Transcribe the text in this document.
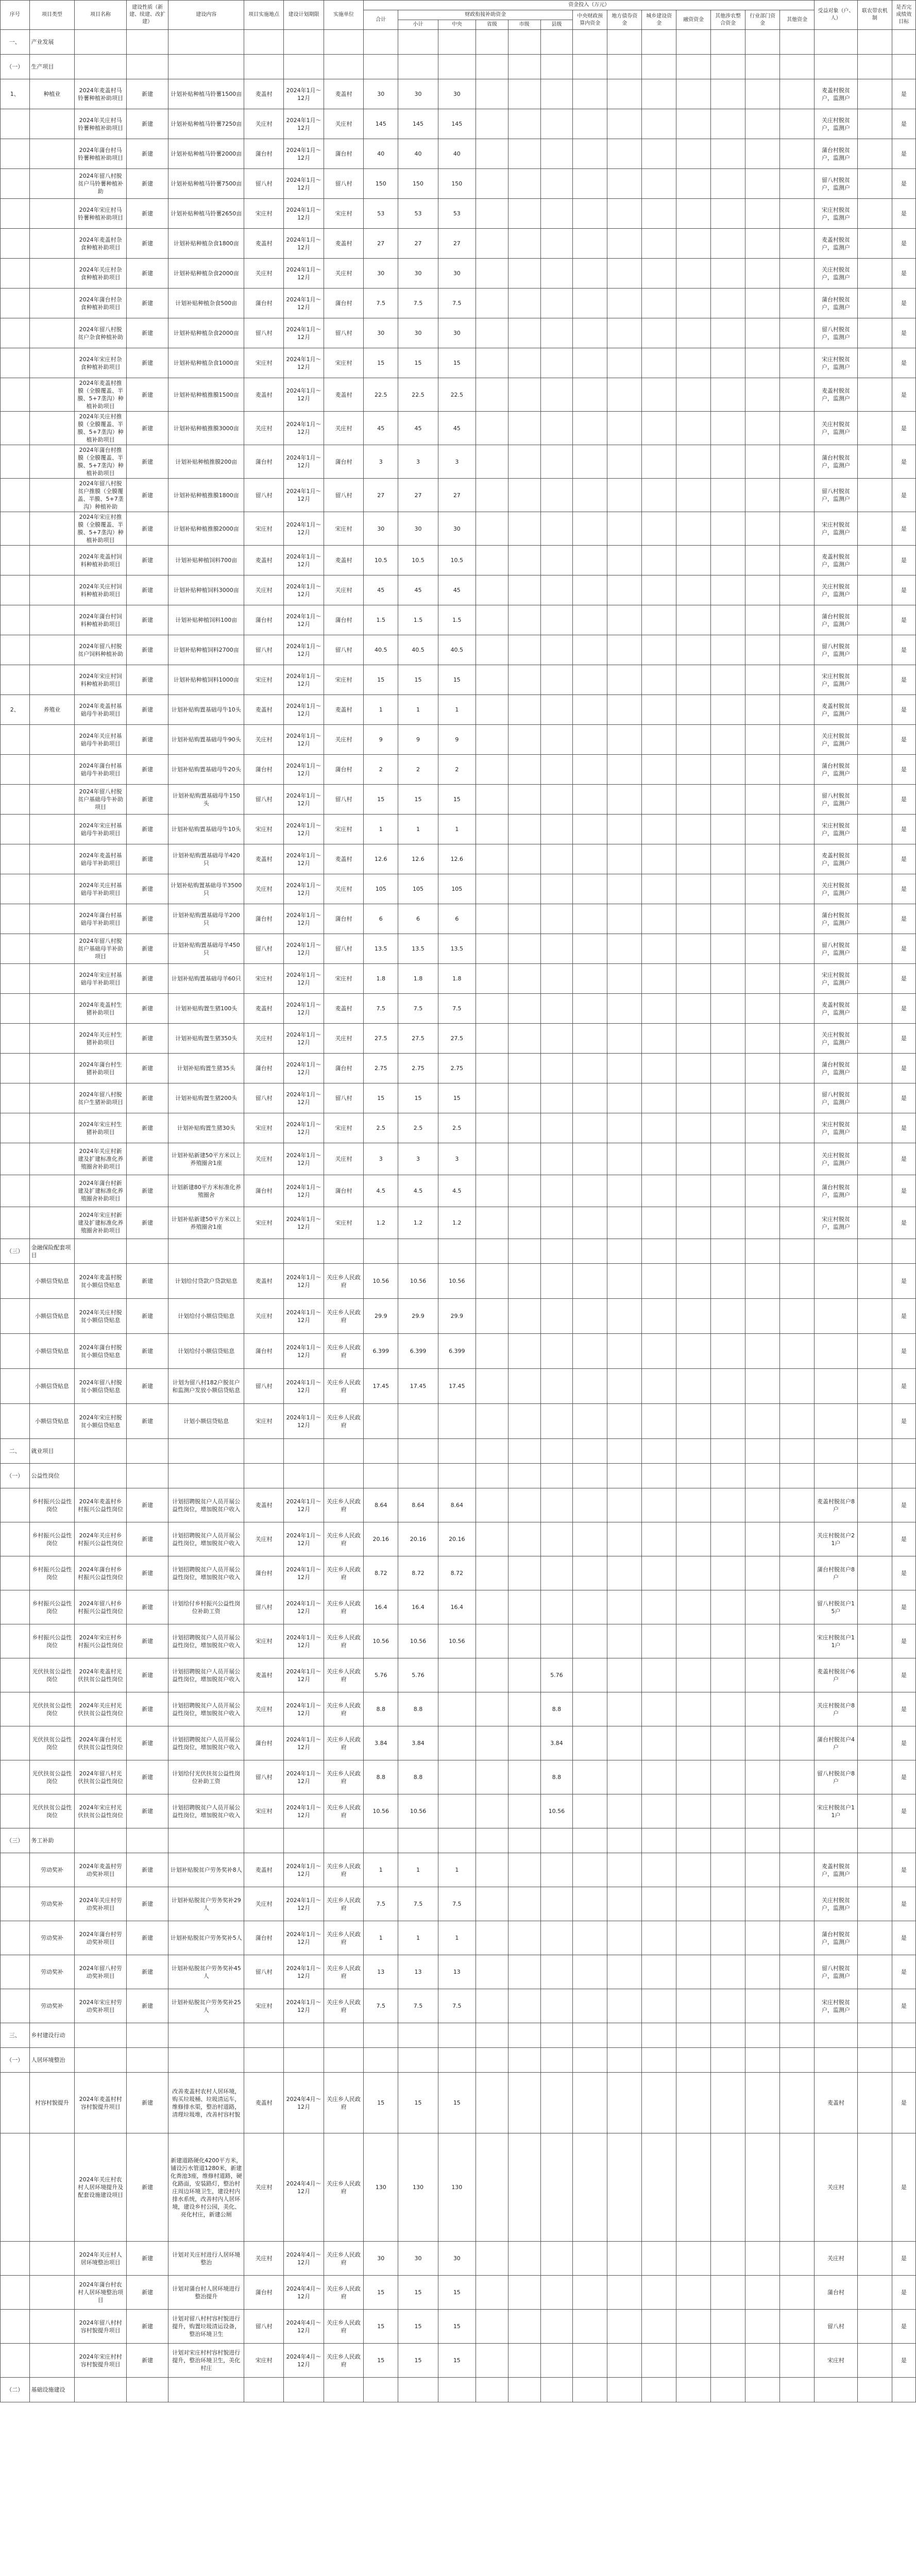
序号	项目类型	项目名称	建设性质（新建、续建、改扩建）	建设内容	项目实施地点	建设计划期限	实施单位	资金投入（万元）													受益对象（户、人）	联农带农机制	是否完成绩效目标
								合计	财政衔接补助资金					中央财政预算内资金	地方债券资金	城乡建设资金	融资资金	其他涉农整合资金	行业部门资金	其他资金			
									小计	中央	省级	市级	县级										
一、	产业发展																						
（一）	生产项目																						
1、	种植业	2024年麦盖村马铃薯种植补助项目	新建	计划补贴种植马铃薯1500亩	麦盖村	2024年1月～12月	麦盖村	30	30	30											麦盖村脱贫户，监测户		是
		2024年关庄村马铃薯种植补助项目	新建	计划补贴种植马铃薯7250亩	关庄村	2024年1月～12月	关庄村	145	145	145											关庄村脱贫户，监测户		是
		2024年蒲台村马铃薯种植补助项目	新建	计划补贴种植马铃薯2000亩	蒲台村	2024年1月～12月	蒲台村	40	40	40											蒲台村脱贫户，监测户		是
		2024年留八村脱贫户马铃薯种植补助	新建	计划补贴种植马铃薯7500亩	留八村	2024年1月～12月	留八村	150	150	150											留八村脱贫户，监测户		是
		2024年宋庄村马铃薯种植补助项目	新建	计划补贴种植马铃薯2650亩	宋庄村	2024年1月～12月	宋庄村	53	53	53											宋庄村脱贫户，监测户		是
		2024年麦盖村杂食种植补助项目	新建	计划补贴种植杂食1800亩	麦盖村	2024年1月～12月	麦盖村	27	27	27											麦盖村脱贫户，监测户		是
		2024年关庄村杂食种植补助项目	新建	计划补贴种植杂食2000亩	关庄村	2024年1月～12月	关庄村	30	30	30											关庄村脱贫户，监测户		是
		2024年蒲台村杂食种植补助项目	新建	计划补贴种植杂食500亩	蒲台村	2024年1月～12月	蒲台村	7.5	7.5	7.5											蒲台村脱贫户，监测户		是
		2024年留八村脱贫户杂食种植补助	新建	计划补贴种植杂食2000亩	留八村	2024年1月～12月	留八村	30	30	30											留八村脱贫户，监测户		是
		2024年宋庄村杂食种植补助项目	新建	计划补贴种植杂食1000亩	宋庄村	2024年1月～12月	宋庄村	15	15	15											宋庄村脱贫户，监测户		是
		2024年麦盖村推膜（全膜覆盖、半膜、5+7垄沟）种植补助项目	新建	计划补贴种植推膜1500亩	麦盖村	2024年1月～12月	麦盖村	22.5	22.5	22.5											麦盖村脱贫户，监测户		是
		2024年关庄村推膜（全膜覆盖、半膜、5+7垄沟）种植补助项目	新建	计划补贴种植推膜3000亩	关庄村	2024年1月～12月	关庄村	45	45	45											关庄村脱贫户，监测户		是
		2024年蒲台村推膜（全膜覆盖、半膜、5+7垄沟）种植补助项目	新建	计划补贴种植推膜200亩	蒲台村	2024年1月～12月	蒲台村	3	3	3											蒲台村脱贫户，监测户		是
		2024年留八村脱贫户推膜（全膜覆盖、半膜、5+7垄沟）种植补助	新建	计划补贴种植推膜1800亩	留八村	2024年1月～12月	留八村	27	27	27											留八村脱贫户，监测户		是
		2024年宋庄村推膜（全膜覆盖、半膜、5+7垄沟）种植补助项目	新建	计划补贴种植推膜2000亩	宋庄村	2024年1月～12月	宋庄村	30	30	30											宋庄村脱贫户，监测户		是
		2024年麦盖村饲料种植补助项目	新建	计划补贴种植饲料700亩	麦盖村	2024年1月～12月	麦盖村	10.5	10.5	10.5											麦盖村脱贫户，监测户		是
		2024年关庄村饲料种植补助项目	新建	计划补贴种植饲料3000亩	关庄村	2024年1月～12月	关庄村	45	45	45											关庄村脱贫户，监测户		是
		2024年蒲台村饲料种植补助项目	新建	计划补贴种植饲料100亩	蒲台村	2024年1月～12月	蒲台村	1.5	1.5	1.5											蒲台村脱贫户，监测户		是
		2024年留八村脱贫户饲料种植补助	新建	计划补贴种植饲料2700亩	留八村	2024年1月～12月	留八村	40.5	40.5	40.5											留八村脱贫户，监测户		是
		2024年宋庄村饲料种植补助项目	新建	计划补贴种植饲料1000亩	宋庄村	2024年1月～12月	宋庄村	15	15	15											宋庄村脱贫户，监测户		是
2、	养殖业	2024年麦盖村基础母牛补助项目	新建	计划补贴购置基础母牛10头	麦盖村	2024年1月～12月	麦盖村	1	1	1											麦盖村脱贫户，监测户		是
		2024年关庄村基础母牛补助项目	新建	计划补贴购置基础母牛90头	关庄村	2024年1月～12月	关庄村	9	9	9											关庄村脱贫户，监测户		是
		2024年蒲台村基础母牛补助项目	新建	计划补贴购置基础母牛20头	蒲台村	2024年1月～12月	蒲台村	2	2	2											蒲台村脱贫户，监测户		是
		2024年留八村脱贫户基础母牛补助项目	新建	计划补贴购置基础母牛150头	留八村	2024年1月～12月	留八村	15	15	15											留八村脱贫户，监测户		是
		2024年宋庄村基础母牛补助项目	新建	计划补贴购置基础母牛10头	宋庄村	2024年1月～12月	宋庄村	1	1	1											宋庄村脱贫户，监测户		是
		2024年麦盖村基础母羊补助项目	新建	计划补贴购置基础母羊420只	麦盖村	2024年1月～12月	麦盖村	12.6	12.6	12.6											麦盖村脱贫户，监测户		是
		2024年关庄村基础母羊补助项目	新建	计划补贴购置基础母羊3500只	关庄村	2024年1月～12月	关庄村	105	105	105											关庄村脱贫户，监测户		是
		2024年蒲台村基础母羊补助项目	新建	计划补贴购置基础母羊200只	蒲台村	2024年1月～12月	蒲台村	6	6	6											蒲台村脱贫户，监测户		是
		2024年留八村脱贫户基础母羊补助项目	新建	计划补贴购置基础母羊450只	留八村	2024年1月～12月	留八村	13.5	13.5	13.5											留八村脱贫户，监测户		是
		2024年宋庄村基础母羊补助项目	新建	计划补贴购置基础母羊60只	宋庄村	2024年1月～12月	宋庄村	1.8	1.8	1.8											宋庄村脱贫户，监测户		是
		2024年麦盖村生猪补助项目	新建	计划补贴购置生猪100头	麦盖村	2024年1月～12月	麦盖村	7.5	7.5	7.5											麦盖村脱贫户，监测户		是
		2024年关庄村生猪补助项目	新建	计划补贴购置生猪350头	关庄村	2024年1月～12月	关庄村	27.5	27.5	27.5											关庄村脱贫户，监测户		是
		2024年蒲台村生猪补助项目	新建	计划补贴购置生猪35头	蒲台村	2024年1月～12月	蒲台村	2.75	2.75	2.75											蒲台村脱贫户，监测户		是
		2024年留八村脱贫户生猪补助项目	新建	计划补贴购置生猪200头	留八村	2024年1月～12月	留八村	15	15	15											留八村脱贫户，监测户		是
		2024年宋庄村生猪补助项目	新建	计划补贴购置生猪30头	宋庄村	2024年1月～12月	宋庄村	2.5	2.5	2.5											宋庄村脱贫户，监测户		是
		2024年关庄村新建及扩建标准化养殖圈舍补助项目	新建	计划补贴新建50平方米以上养殖圈舍1座	关庄村	2024年1月～12月	关庄村	3	3	3											关庄村脱贫户，监测户		是
		2024年蒲台村新建及扩建标准化养殖圈舍补助项目	新建	计划新建80平方米标准化养殖圈舍	蒲台村	2024年1月～12月	蒲台村	4.5	4.5	4.5											蒲台村脱贫户，监测户		是
		2024年宋庄村新建及扩建标准化养殖圈舍补助项目	新建	计划补贴新建50平方米以上养殖圈舍1座	宋庄村	2024年1月～12月	宋庄村	1.2	1.2	1.2											宋庄村脱贫户，监测户		是
（三）	金融保险配套项目																						
	小额信贷贴息	2024年麦盖村脱贫小额信贷贴息	新建	计划给付贷款户贷款贴息	麦盖村	2024年1月～12月	关庄乡人民政府	10.56	10.56	10.56													是
	小额信贷贴息	2024年关庄村脱贫小额信贷贴息	新建	计划给付小额信贷贴息	关庄村	2024年1月～12月	关庄乡人民政府	29.9	29.9	29.9													是
	小额信贷贴息	2024年蒲台村脱贫小额信贷贴息	新建	计划给付小额信贷贴息	蒲台村	2024年1月～12月	关庄乡人民政府	6.399	6.399	6.399													是
	小额信贷贴息	2024年留八村脱贫小额信贷贴息	新建	计划为留八村182户脱贫户和监测户发放小额信贷贴息	留八村	2024年1月～12月	关庄乡人民政府	17.45	17.45	17.45													是
	小额信贷贴息	2024年宋庄村脱贫小额信贷贴息	新建	计划小额信贷贴息	宋庄村	2024年1月～12月	关庄乡人民政府																是
二、	就业项目																						
（一）	公益性岗位																						
	乡村振兴公益性岗位	2024年麦盖村乡村振兴公益性岗位	新建	计划招聘脱贫户人员开展公益性岗位，增加脱贫户收入	麦盖村	2024年1月～12月	关庄乡人民政府	8.64	8.64	8.64											麦盖村脱贫户8户		是
	乡村振兴公益性岗位	2024年关庄村乡村振兴公益性岗位	新建	计划招聘脱贫户人员开展公益性岗位，增加脱贫户收入	关庄村	2024年1月～12月	关庄乡人民政府	20.16	20.16	20.16											关庄村脱贫户21户		是
	乡村振兴公益性岗位	2024年蒲台村乡村振兴公益性岗位	新建	计划招聘脱贫户人员开展公益性岗位，增加脱贫户收入	蒲台村	2024年1月～12月	关庄乡人民政府	8.72	8.72	8.72											蒲台村脱贫户8户		是
	乡村振兴公益性岗位	2024年留八村乡村振兴公益性岗位	新建	计划给付乡村振兴公益性岗位补助工资	留八村	2024年1月～12月	关庄乡人民政府	16.4	16.4	16.4											留八村脱贫户15户		是
	乡村振兴公益性岗位	2024年宋庄村乡村振兴公益性岗位	新建	计划招聘脱贫户人员开展公益性岗位，增加脱贫户收入	宋庄村	2024年1月～12月	关庄乡人民政府	10.56	10.56	10.56											宋庄村脱贫户11户		是
	光伏扶贫公益性岗位	2024年麦盖村光伏扶贫公益性岗位	新建	计划招聘脱贫户人员开展公益性岗位，增加脱贫户收入	麦盖村	2024年1月～12月	关庄乡人民政府	5.76	5.76				5.76								麦盖村脱贫户6户		是
	光伏扶贫公益性岗位	2024年关庄村光伏扶贫公益性岗位	新建	计划招聘脱贫户人员开展公益性岗位，增加脱贫户收入	关庄村	2024年1月～12月	关庄乡人民政府	8.8	8.8				8.8								关庄村脱贫户8户		是
	光伏扶贫公益性岗位	2024年蒲台村光伏扶贫公益性岗位	新建	计划招聘脱贫户人员开展公益性岗位，增加脱贫户收入	蒲台村	2024年1月～12月	关庄乡人民政府	3.84	3.84				3.84								蒲台村脱贫户4户		是
	光伏扶贫公益性岗位	2024年留八村光伏扶贫公益性岗位	新建	计划给付光伏扶贫公益性岗位补助工资	留八村	2024年1月～12月	关庄乡人民政府	8.8	8.8				8.8								留八村脱贫户8户		是
	光伏扶贫公益性岗位	2024年宋庄村光伏扶贫公益性岗位	新建	计划招聘脱贫户人员开展公益性岗位，增加脱贫户收入	宋庄村	2024年1月～12月	关庄乡人民政府	10.56	10.56				10.56								宋庄村脱贫户11户		是
（三）	务工补助																						
	劳动奖补	2024年麦盖村劳动奖补项目	新建	计划补贴脱贫户劳务奖补8人	麦盖村	2024年1月～12月	关庄乡人民政府	1	1	1											麦盖村脱贫户，监测户		是
	劳动奖补	2024年关庄村劳动奖补项目	新建	计划补贴脱贫户劳务奖补29人	关庄村	2024年1月～12月	关庄乡人民政府	7.5	7.5	7.5											关庄村脱贫户，监测户		是
	劳动奖补	2024年蒲台村劳动奖补项目	新建	计划补贴脱贫户劳务奖补5人	蒲台村	2024年1月～12月	关庄乡人民政府	1	1	1											蒲台村脱贫户，监测户		是
	劳动奖补	2024年留八村劳动奖补项目	新建	计划补贴脱贫户劳务奖补45人	留八村	2024年1月～12月	关庄乡人民政府	13	13	13											留八村脱贫户，监测户		是
	劳动奖补	2024年宋庄村劳动奖补项目	新建	计划补贴脱贫户劳务奖补25人	宋庄村	2024年1月～12月	关庄乡人民政府	7.5	7.5	7.5											宋庄村脱贫户，监测户		是
三、	乡村建设行动																						
（一）	人居环境整治																						
	村容村貌提升	2024年麦盖村村容村貌提升项目	新建	改善麦盖村农村人居环境，购买垃圾桶、垃圾清运车，维修排水渠，整治村道路，清理垃圾堆，改善村容村貌	麦盖村	2024年4月～12月	关庄乡人民政府	15	15	15											麦盖村		是
		2024年关庄村农村人居环境提升及配套设施建设项目	新建	新建道路硬化4200平方米，铺设污水管道1280米，新建化粪池3座，维修村道路，硬化路面，安装路灯，整治村庄周边环境卫生，建设村内排水系统，改善村内人居环境，建设乡村公园，美化、亮化村庄，新建公厕	关庄村	2024年4月～12月	关庄乡人民政府	130	130	130											关庄村		是
		2024年关庄村人居环境整治项目	新建	计划对关庄村进行人居环境整治	关庄村	2024年4月～12月	关庄乡人民政府	30	30	30											关庄村		是
		2024年蒲台村农村人居环境整治项目	新建	计划对蒲台村人居环境进行整治提升	蒲台村	2024年4月～12月	关庄乡人民政府	15	15	15											蒲台村		是
		2024年留八村村容村貌提升项目	新建	计划对留八村村容村貌进行提升，购置垃圾清运设备，整治环境卫生	留八村	2024年4月～12月	关庄乡人民政府	15	15	15											留八村		是
		2024年宋庄村村容村貌提升项目	新建	计划对宋庄村村容村貌进行提升，整治环境卫生，美化村庄	宋庄村	2024年4月～12月	关庄乡人民政府	15	15	15											宋庄村		是
（二）	基础设施建设																						
